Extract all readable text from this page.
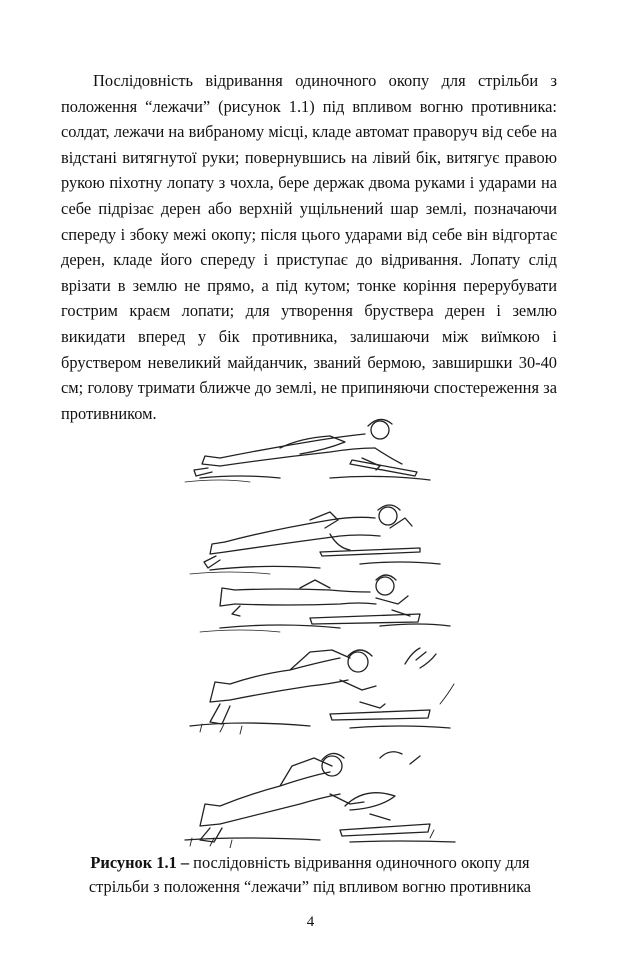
Послідовність відривання одиночного окопу для стрільби з положення “лежачи” (рисунок 1.1) під впливом вогню противника: солдат, лежачи на вибраному місці, кладе автомат праворуч від себе на відстані витягнутої руки; повернувшись на лівий бік, витягує правою рукою піхотну лопату з чохла, бере держак двома руками і ударами на себе підрізає дерен або верхній ущільнений шар землі, позначаючи спереду і збоку межі окопу; після цього ударами від себе він відгортає дерен, кладе його спереду і приступає до відривання. Лопату слід врізати в землю не прямо, а під кутом; тонке коріння перерубувати гострим краєм лопати; для утворення бруствера дерен і землю викидати вперед у бік противника, залишаючи між виїмкою і бруствером невеликий майданчик, званий бермою, завширшки 30-40 см; голову тримати ближче до землі, не припиняючи спостереження за противником.

Рисунок 1.1 – послідовність відривання одиночного окопу для стрільби з положення “лежачи” під впливом вогню противника

4
